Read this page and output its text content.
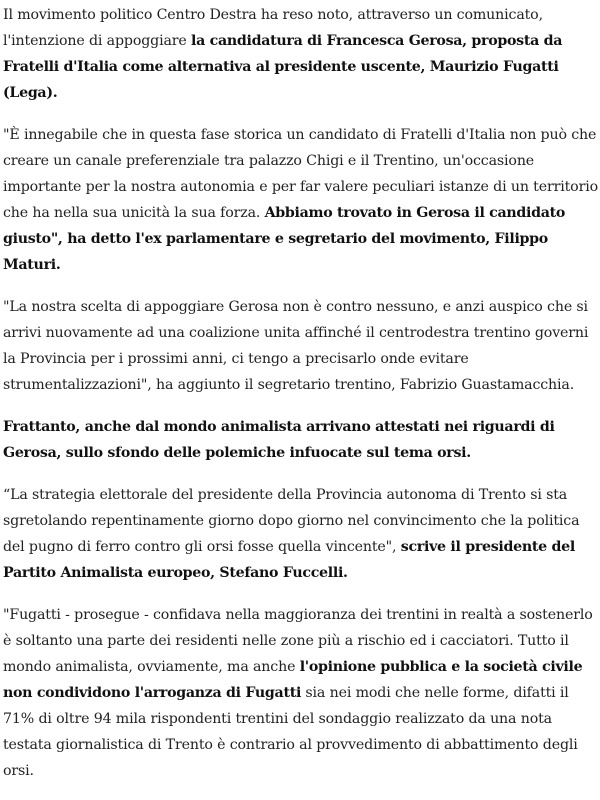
Il movimento politico Centro Destra ha reso noto, attraverso un comunicato, l'intenzione di appoggiare la candidatura di Francesca Gerosa, proposta da Fratelli d'Italia come alternativa al presidente uscente, Maurizio Fugatti (Lega).

"È innegabile che in questa fase storica un candidato di Fratelli d'Italia non può che creare un canale preferenziale tra palazzo Chigi e il Trentino, un'occasione importante per la nostra autonomia e per far valere peculiari istanze di un territorio che ha nella sua unicità la sua forza. Abbiamo trovato in Gerosa il candidato giusto", ha detto l'ex parlamentare e segretario del movimento, Filippo Maturi.

"La nostra scelta di appoggiare Gerosa non è contro nessuno, e anzi auspico che si arrivi nuovamente ad una coalizione unita affinché il centrodestra trentino governi la Provincia per i prossimi anni, ci tengo a precisarlo onde evitare strumentalizzazioni", ha aggiunto il segretario trentino, Fabrizio Guastamacchia.

Frattanto, anche dal mondo animalista arrivano attestati nei riguardi di Gerosa, sullo sfondo delle polemiche infuocate sul tema orsi.

“La strategia elettorale del presidente della Provincia autonoma di Trento si sta sgretolando repentinamente giorno dopo giorno nel convincimento che la politica del pugno di ferro contro gli orsi fosse quella vincente", scrive il presidente del Partito Animalista europeo, Stefano Fuccelli.

"Fugatti - prosegue - confidava nella maggioranza dei trentini in realtà a sostenerlo è soltanto una parte dei residenti nelle zone più a rischio ed i cacciatori. Tutto il mondo animalista, ovviamente, ma anche l'opinione pubblica e la società civile non condividono l'arroganza di Fugatti sia nei modi che nelle forme, difatti il 71% di oltre 94 mila rispondenti trentini del sondaggio realizzato da una nota testata giornalistica di Trento è contrario al provvedimento di abbattimento degli orsi.
